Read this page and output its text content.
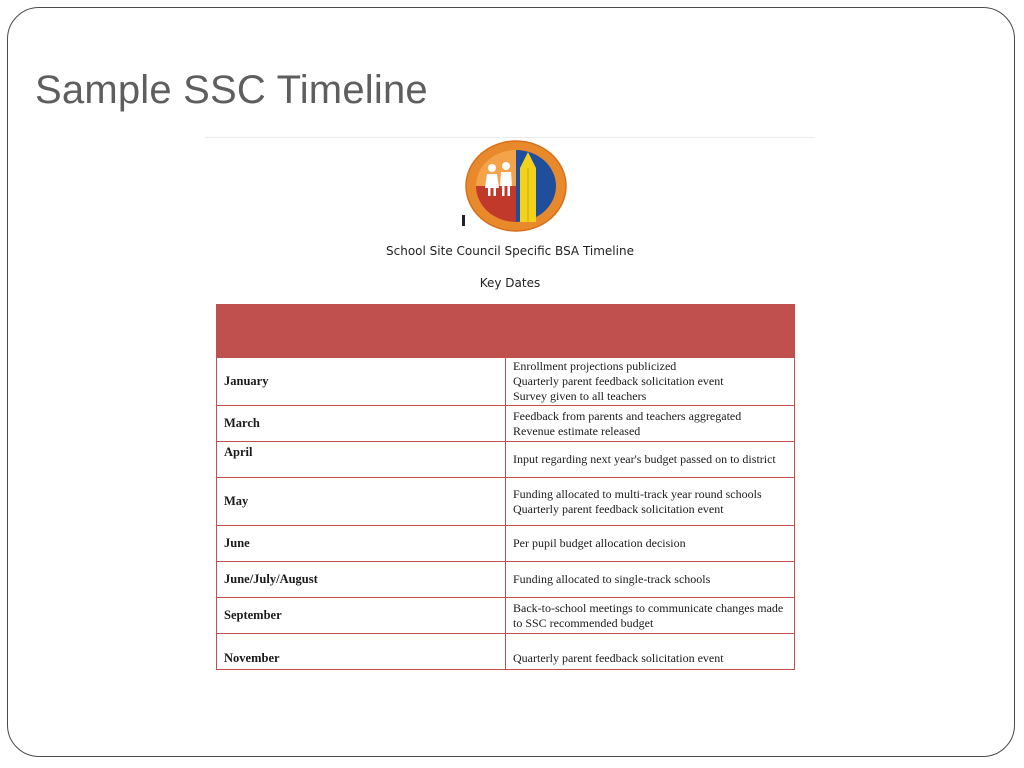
Sample SSC Timeline

School Site Council Specific BSA Timeline

Key Dates

January	Enrollment projections publicized
Quarterly parent feedback solicitation event
Survey given to all teachers

March	Feedback from parents and teachers aggregated
Revenue estimate released

April	Input regarding next year's budget passed on to district

May	Funding allocated to multi-track year round schools
Quarterly parent feedback solicitation event

June	Per pupil budget allocation decision

June/July/August	Funding allocated to single-track schools

September	Back-to-school meetings to communicate changes made to SSC recommended budget

November	Quarterly parent feedback solicitation event
